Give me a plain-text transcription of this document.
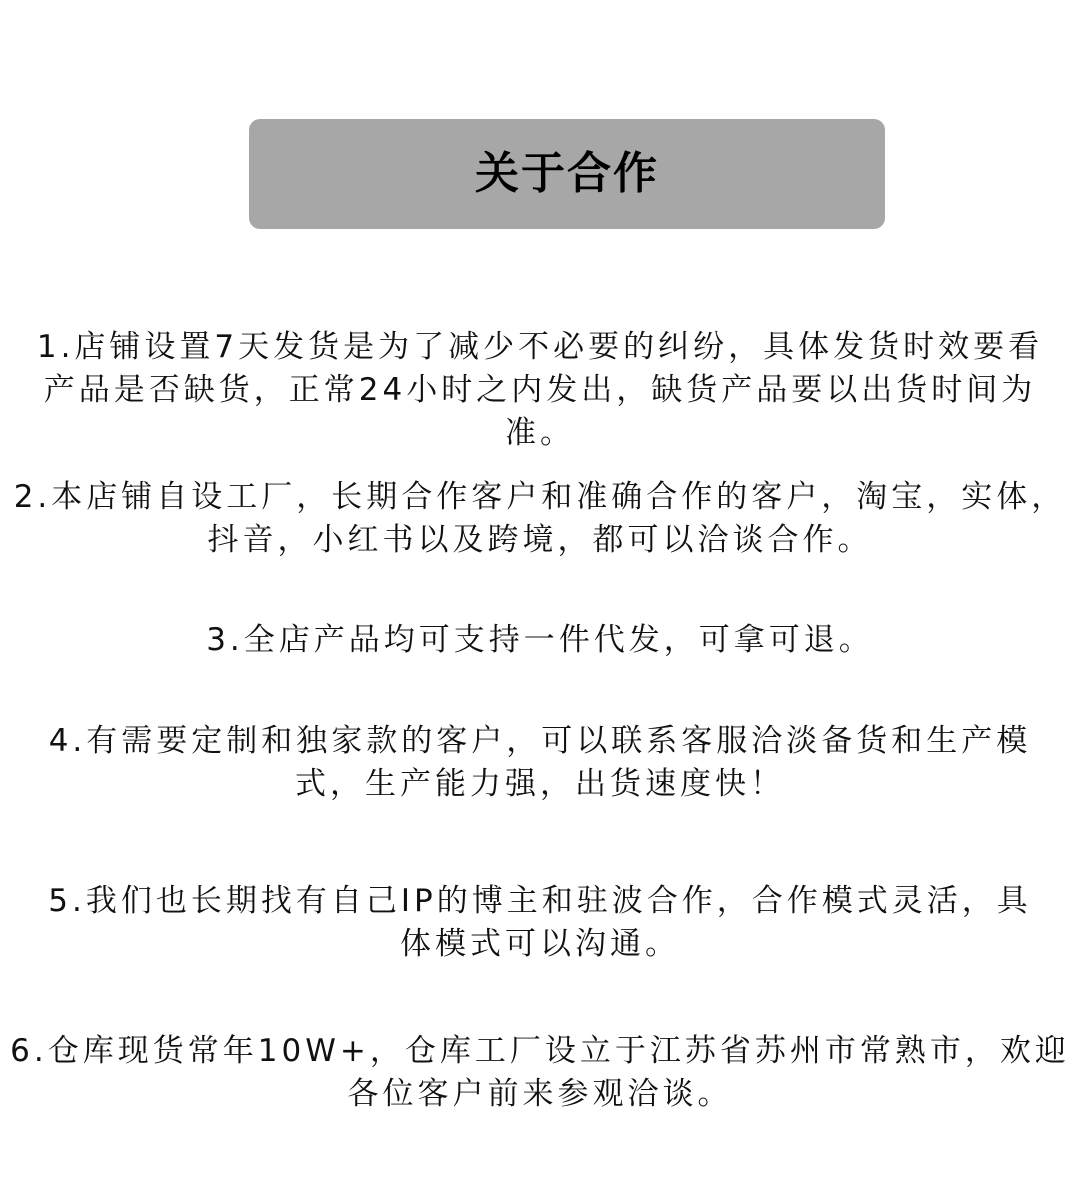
关于合作
1.店铺设置7天发货是为了减少不必要的纠纷，具体发货时效要看
产品是否缺货，正常24小时之内发出，缺货产品要以出货时间为
准。
2.本店铺自设工厂，长期合作客户和准确合作的客户，淘宝，实体，
抖音，小红书以及跨境，都可以洽谈合作。
3.全店产品均可支持一件代发，可拿可退。
4.有需要定制和独家款的客户，可以联系客服洽淡备货和生产模
式，生产能力强，出货速度快！
5.我们也长期找有自己IP的博主和驻波合作，合作模式灵活，具
体模式可以沟通。
6.仓库现货常年10W+，仓库工厂设立于江苏省苏州市常熟市，欢迎
各位客户前来参观洽谈。
